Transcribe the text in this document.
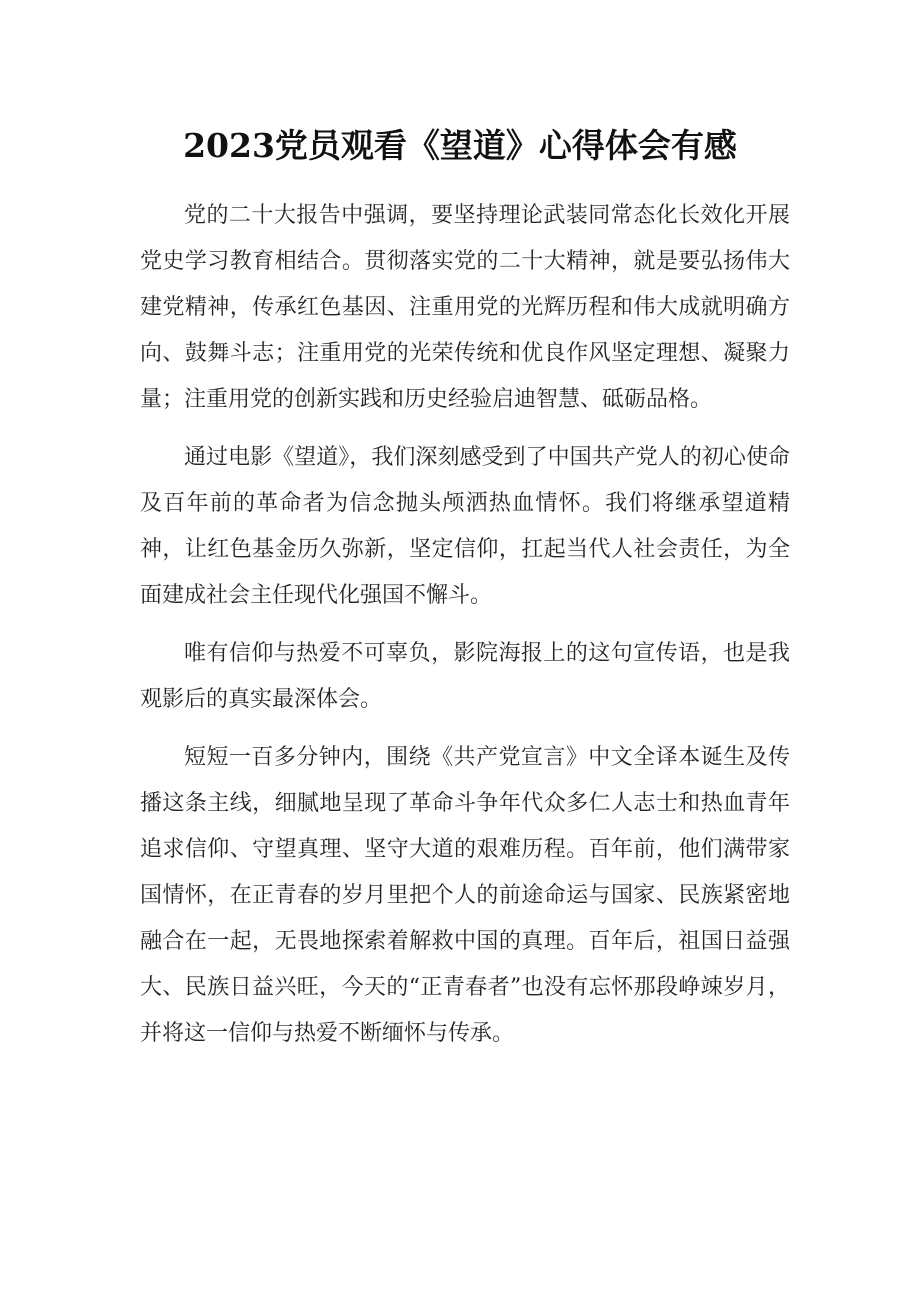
2023党员观看《望道》心得体会有感

党的二十大报告中强调，要坚持理论武装同常态化长效化开展党史学习教育相结合。贯彻落实党的二十大精神，就是要弘扬伟大建党精神，传承红色基因、注重用党的光辉历程和伟大成就明确方向、鼓舞斗志；注重用党的光荣传统和优良作风坚定理想、凝聚力量；注重用党的创新实践和历史经验启迪智慧、砥砺品格。

通过电影《望道》，我们深刻感受到了中国共产党人的初心使命及百年前的革命者为信念抛头颅洒热血情怀。我们将继承望道精神，让红色基金历久弥新，坚定信仰，扛起当代人社会责任，为全面建成社会主任现代化强国不懈斗。

唯有信仰与热爱不可辜负，影院海报上的这句宣传语，也是我观影后的真实最深体会。

短短一百多分钟内，围绕《共产党宣言》中文全译本诞生及传播这条主线，细腻地呈现了革命斗争年代众多仁人志士和热血青年追求信仰、守望真理、坚守大道的艰难历程。百年前，他们满带家国情怀，在正青春的岁月里把个人的前途命运与国家、民族紧密地融合在一起，无畏地探索着解救中国的真理。百年后，祖国日益强大、民族日益兴旺，今天的“正青春者”也没有忘怀那段峥竦岁月，并将这一信仰与热爱不断缅怀与传承。
